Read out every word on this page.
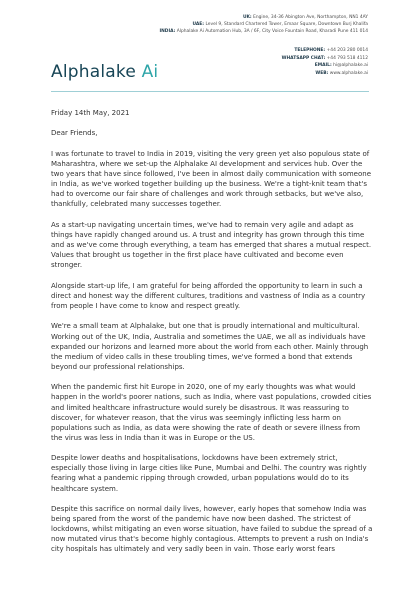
UK: Engine, 34-36 Abington Ave, Northampton, NN1 4AY
UAE: Level 9, Standard Chartered Tower, Emaar Square, Downtown Burj Khalifa
INDIA: Alphalake Ai Automation Hub, 3A / 6F, City Voice Fountain Road, Kharadi Pune 411 014
TELEPHONE: +44 203 280 0014
WHATSAPP CHAT: +44 793 518 4112
EMAIL: hi@alphalake.ai
WEB: www.alphalake.ai
Alphalake Ai

Friday 14th May, 2021

Dear Friends,

I was fortunate to travel to India in 2019, visiting the very green yet also populous state of Maharashtra, where we set-up the Alphalake AI development and services hub. Over the two years that have since followed, I've been in almost daily communication with someone in India, as we've worked together building up the business. We're a tight-knit team that's had to overcome our fair share of challenges and work through setbacks, but we've also, thankfully, celebrated many successes together.

As a start-up navigating uncertain times, we've had to remain very agile and adapt as things have rapidly changed around us. A trust and integrity has grown through this time and as we've come through everything, a team has emerged that shares a mutual respect. Values that brought us together in the first place have cultivated and become even stronger.

Alongside start-up life, I am grateful for being afforded the opportunity to learn in such a direct and honest way the different cultures, traditions and vastness of India as a country from people I have come to know and respect greatly.

We're a small team at Alphalake, but one that is proudly international and multicultural. Working out of the UK, India, Australia and sometimes the UAE, we all as individuals have expanded our horizons and learned more about the world from each other. Mainly through the medium of video calls in these troubling times, we've formed a bond that extends beyond our professional relationships.

When the pandemic first hit Europe in 2020, one of my early thoughts was what would happen in the world's poorer nations, such as India, where vast populations, crowded cities and limited healthcare infrastructure would surely be disastrous. It was reassuring to discover, for whatever reason, that the virus was seemingly inflicting less harm on populations such as India, as data were showing the rate of death or severe illness from the virus was less in India than it was in Europe or the US.

Despite lower deaths and hospitalisations, lockdowns have been extremely strict, especially those living in large cities like Pune, Mumbai and Delhi. The country was rightly fearing what a pandemic ripping through crowded, urban populations would do to its healthcare system.

Despite this sacrifice on normal daily lives, however, early hopes that somehow India was being spared from the worst of the pandemic have now been dashed. The strictest of lockdowns, whilst mitigating an even worse situation, have failed to subdue the spread of a now mutated virus that's become highly contagious. Attempts to prevent a rush on India's city hospitals has ultimately and very sadly been in vain. Those early worst fears
